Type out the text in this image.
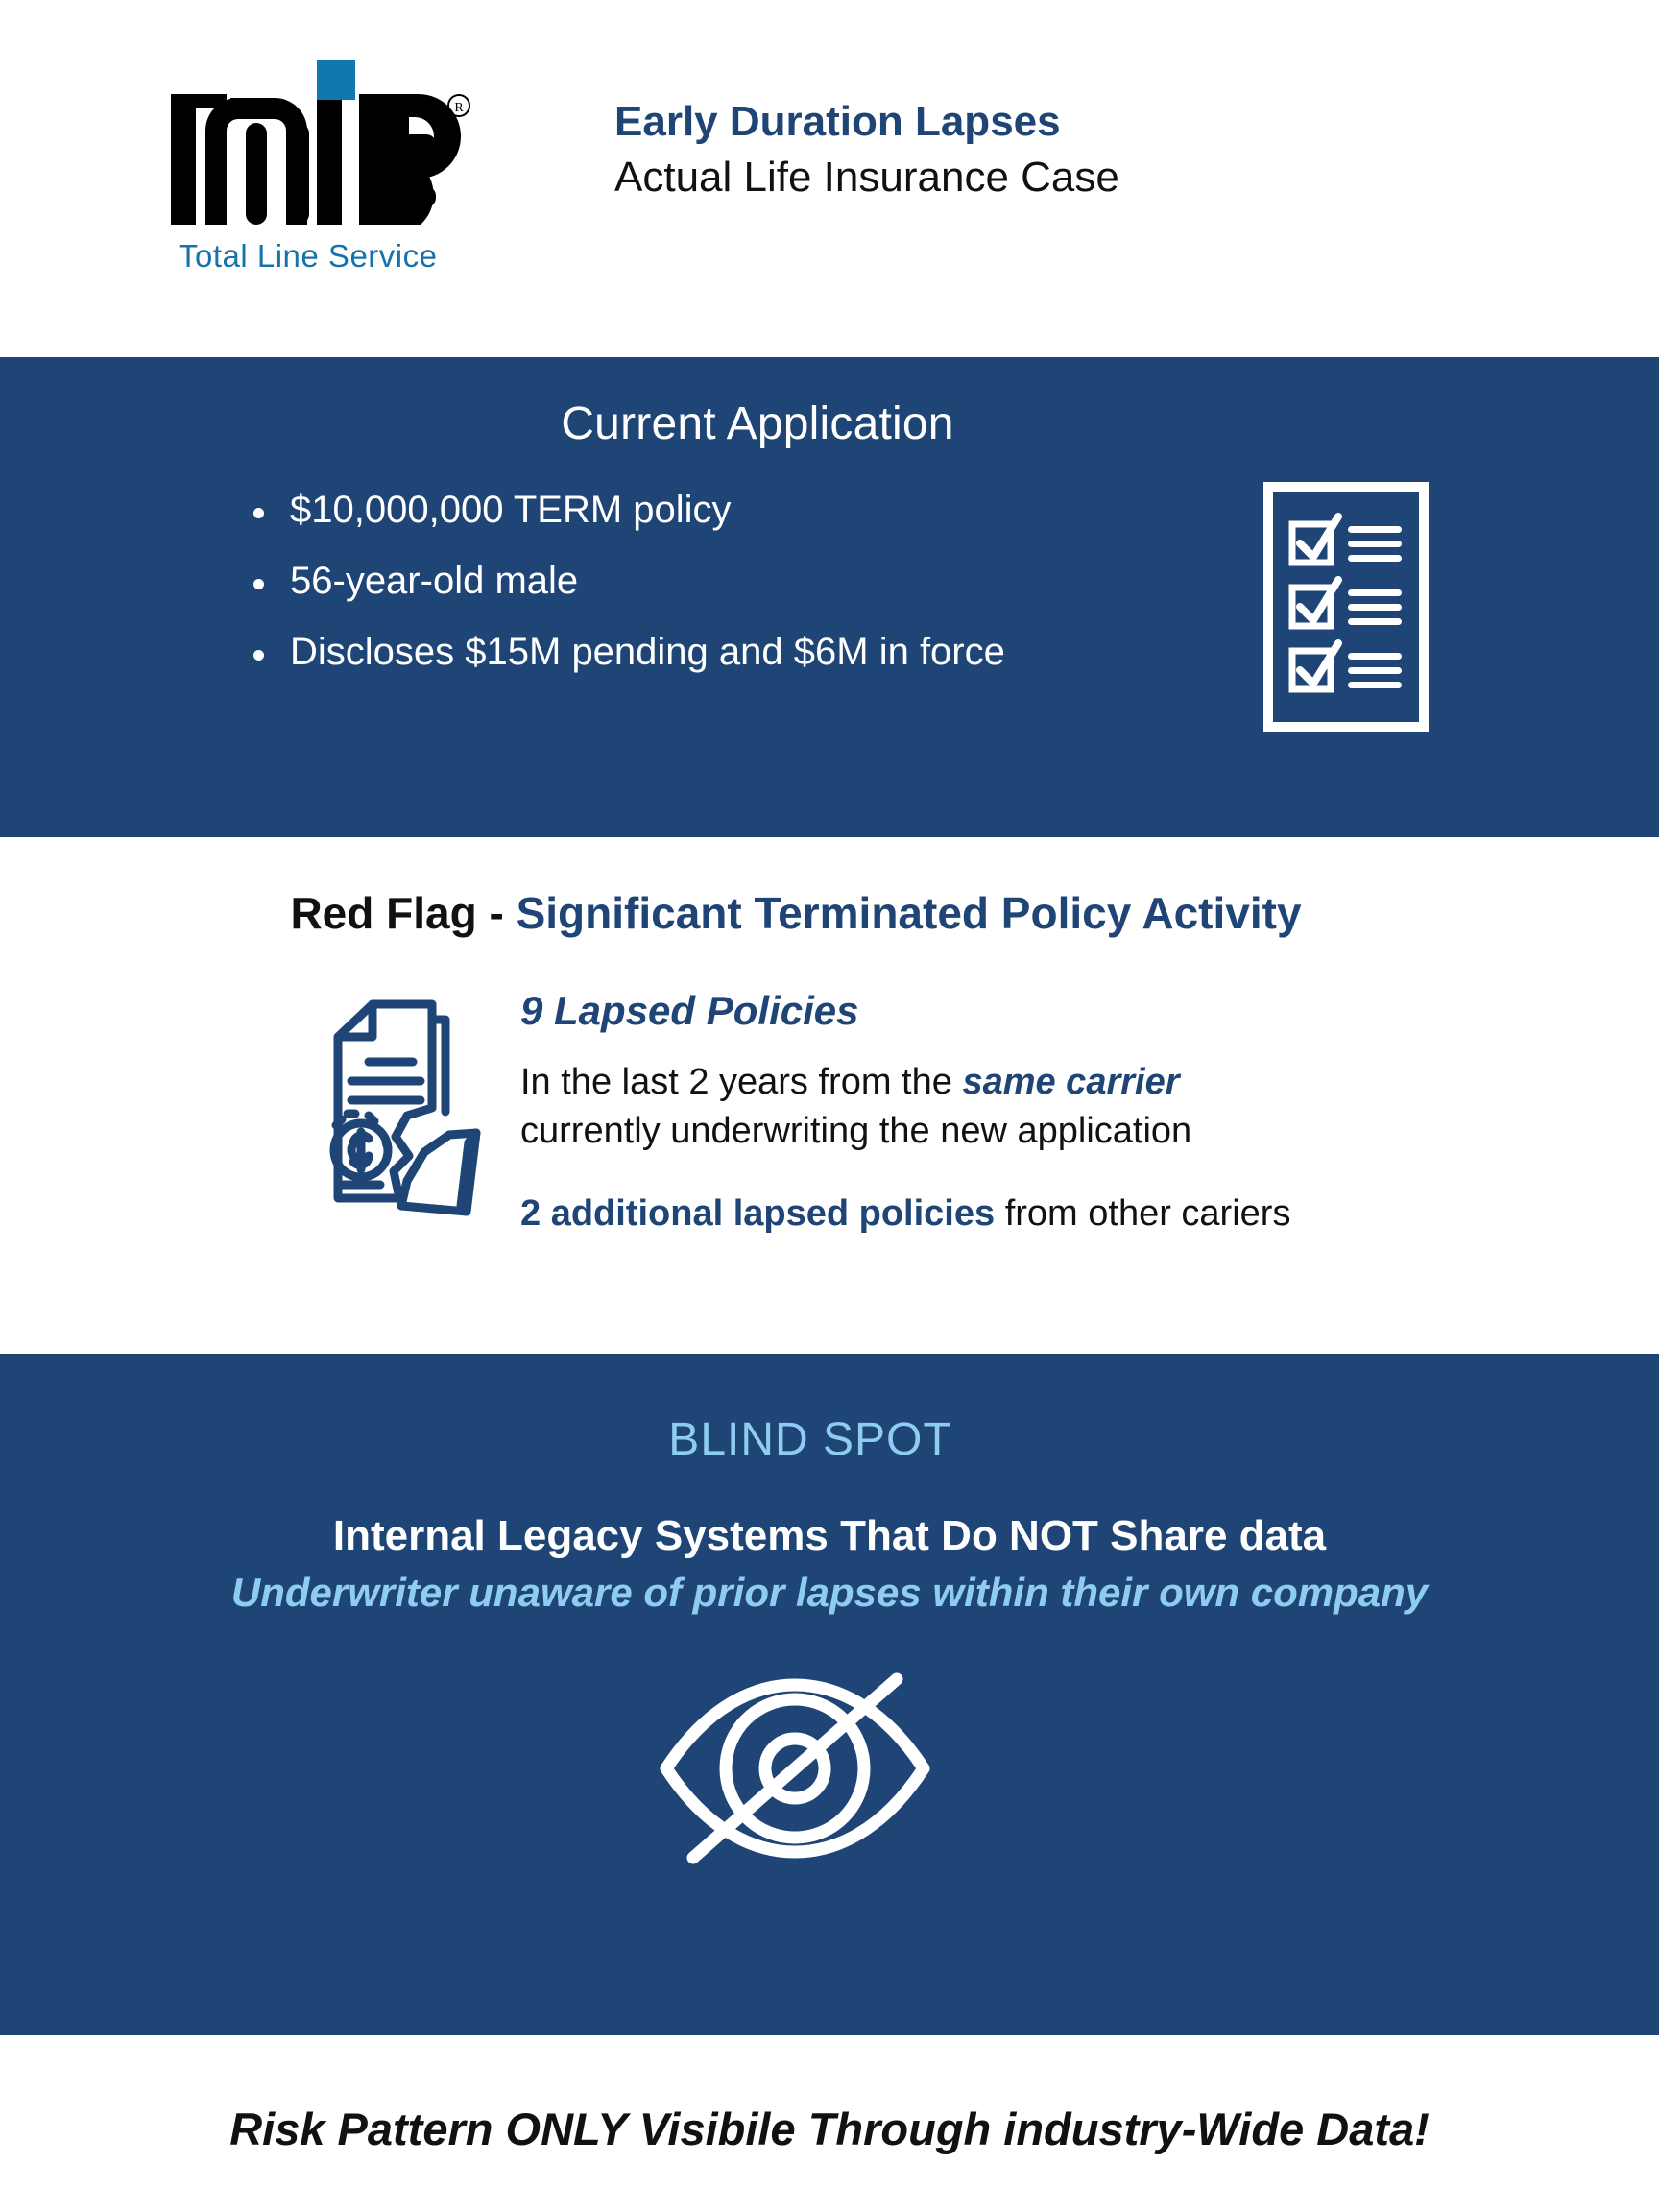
R
Total Line Service
Early Duration Lapses
Actual Life Insurance Case
Current Application
$10,000,000 TERM policy
56-year-old male
Discloses $15M pending and $6M in force
Red Flag - Significant Terminated Policy Activity
9 Lapsed Policies
In the last 2 years from the same carrier
currently underwriting the new application
2 additional lapsed policies from other cariers
BLIND SPOT
Internal Legacy Systems That Do NOT Share data
Underwriter unaware of prior lapses within their own company
Risk Pattern ONLY Visibile Through industry-Wide Data!
